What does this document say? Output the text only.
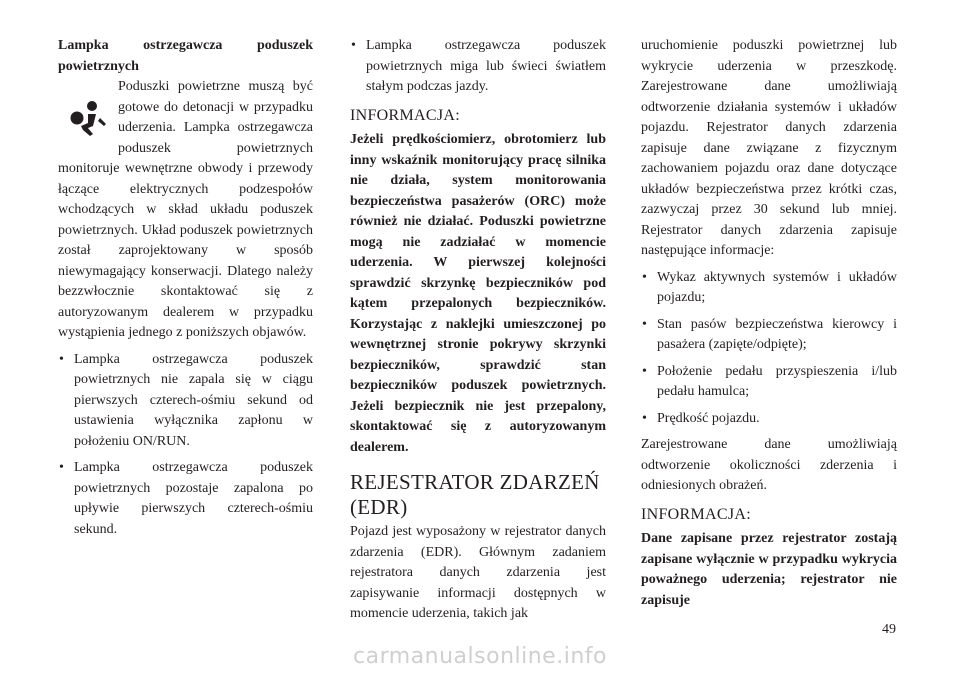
Lampka ostrzegawcza poduszek powietrznych

Poduszki powietrzne muszą być gotowe do detonacji w przypadku uderzenia. Lampka ostrzegawcza poduszek powietrznych monitoruje wewnętrzne obwody i przewody łączące elektrycznych podzespołów wchodzących w skład układu poduszek powietrznych. Układ poduszek powietrznych został zaprojektowany w sposób niewymagający konserwacji. Dlatego należy bezzwłocznie skontaktować się z autoryzowanym dealerem w przypadku wystąpienia jednego z poniższych objawów.

• Lampka ostrzegawcza poduszek powietrznych nie zapala się w ciągu pierwszych czterech-ośmiu sekund od ustawienia wyłącznika zapłonu w położeniu ON/RUN.
• Lampka ostrzegawcza poduszek powietrznych pozostaje zapalona po upływie pierwszych czterech-ośmiu sekund.
• Lampka ostrzegawcza poduszek powietrznych miga lub świeci światłem stałym podczas jazdy.
INFORMACJA:

Jeżeli prędkościomierz, obrotomierz lub inny wskaźnik monitorujący pracę silnika nie działa, system monitorowania bezpieczeństwa pasażerów (ORC) może również nie działać. Poduszki powietrzne mogą nie zadziałać w momencie uderzenia. W pierwszej kolejności sprawdzić skrzynkę bezpieczników pod kątem przepalonych bezpieczników. Korzystając z naklejki umieszczonej po wewnętrznej stronie pokrywy skrzynki bezpieczników, sprawdzić stan bezpieczników poduszek powietrznych. Jeżeli bezpiecznik nie jest przepalony, skontaktować się z autoryzowanym dealerem.

REJESTRATOR ZDARZEŃ (EDR)

Pojazd jest wyposażony w rejestrator danych zdarzenia (EDR). Głównym zadaniem rejestratora danych zdarzenia jest zapisywanie informacji dostępnych w momencie uderzenia, takich jak

uruchomienie poduszki powietrznej lub wykrycie uderzenia w przeszkodę. Zarejestrowane dane umożliwiają odtworzenie działania systemów i układów pojazdu. Rejestrator danych zdarzenia zapisuje dane związane z fizycznym zachowaniem pojazdu oraz dane dotyczące układów bezpieczeństwa przez krótki czas, zazwyczaj przez 30 sekund lub mniej. Rejestrator danych zdarzenia zapisuje następujące informacje:

• Wykaz aktywnych systemów i układów pojazdu;
• Stan pasów bezpieczeństwa kierowcy i pasażera (zapięte/odpięte);
• Położenie pedału przyspieszenia i/lub pedału hamulca;
• Prędkość pojazdu.

Zarejestrowane dane umożliwiają odtworzenie okoliczności zderzenia i odniesionych obrażeń.

INFORMACJA:

Dane zapisane przez rejestrator zostają zapisane wyłącznie w przypadku wykrycia poważnego uderzenia; rejestrator nie zapisuje

49
carmanualsonline.info
